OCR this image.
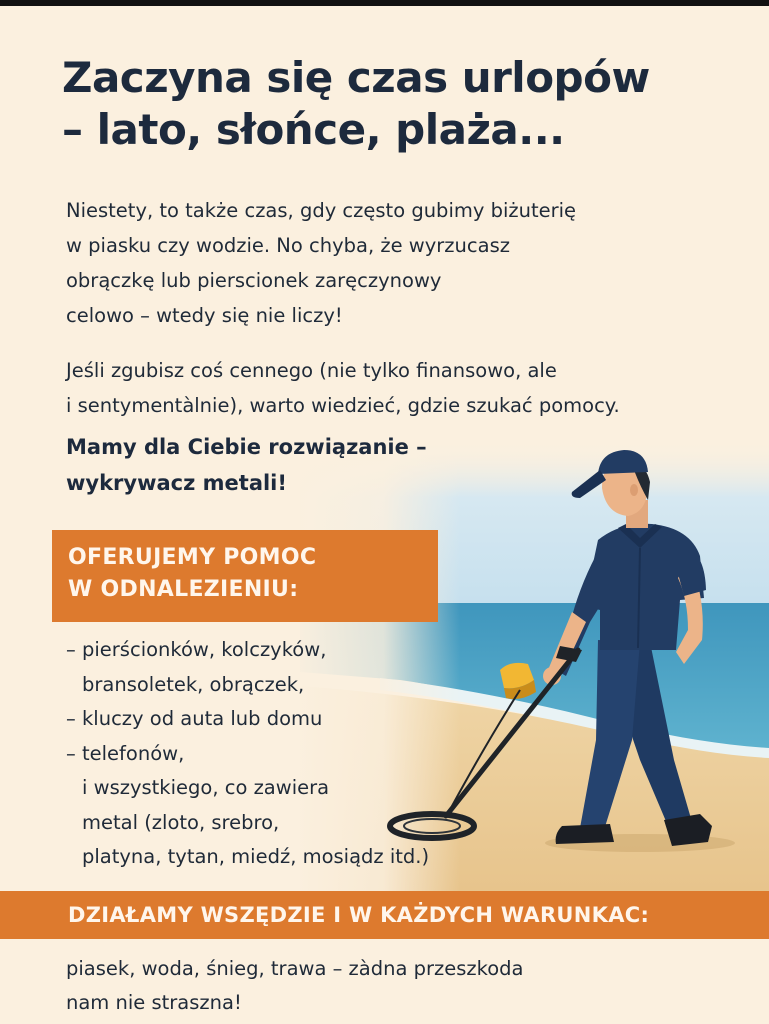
Zaczyna się czas urlopów
– lato, słońce, plaża...

Niestety, to także czas, gdy często gubimy biżuterię
w piasku czy wodzie. No chyba, że wyrzucasz
obrączkę lub pierscionek zaręczynowy
celowo – wtedy się nie liczy!

Jeśli zgubisz coś cennego (nie tylko finansowo, ale
i sentymentàlnie), warto wiedzieć, gdzie szukać pomocy.

Mamy dla Ciebie rozwiązanie –
wykrywacz metali!

OFERUJEMY POMOC
W ODNALEZIENIU:
– pierścionków, kolczyków,
bransoletek, obrączek,
– kluczy od auta lub domu
– telefonów,
i wszystkiego, co zawiera
metal (zloto, srebro,
platyna, tytan, miedź, mosiądz itd.)
DZIAŁAMY WSZĘDZIE I W KAŻDYCH WARUNKAC:

piasek, woda, śnieg, trawa – zàdna przeszkoda
nam nie straszna!
